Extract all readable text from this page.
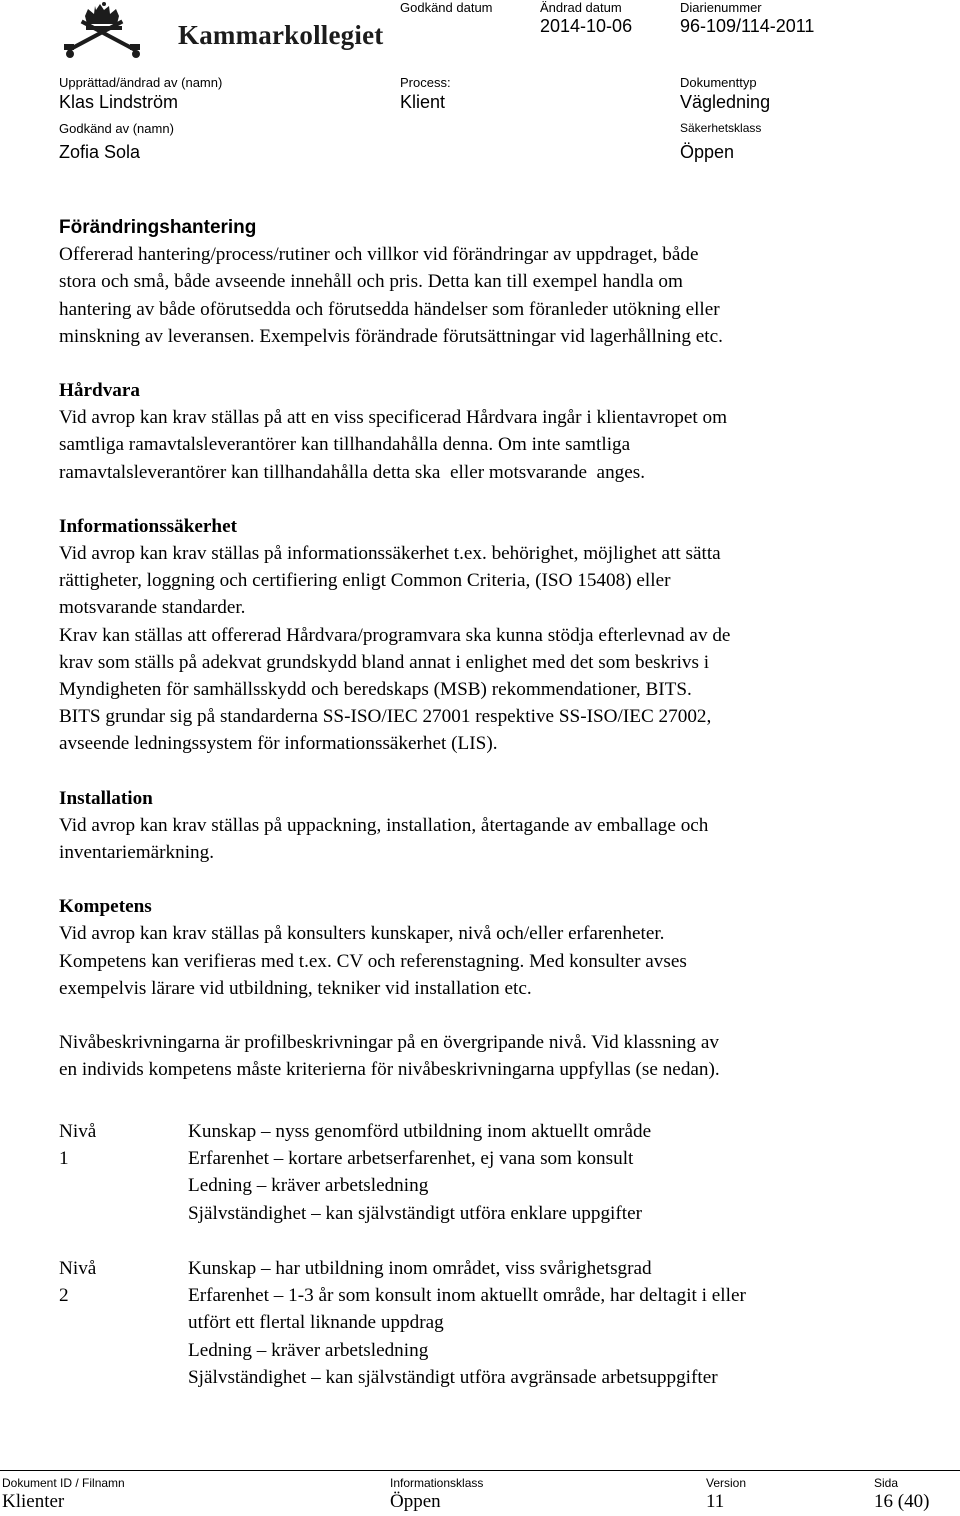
Kammarkollegiet
Godkänd datum	Ändrad datum
2014-10-06
Diarienummer
96-109/114-2011
Upprättad/ändrad av (namn)
Klas Lindström
Process:
Klient
Dokumenttyp
Vägledning
Godkänd av (namn)
Zofia Sola
Säkerhetsklass
Öppen
Förändringshantering

Offererad hantering/process/rutiner och villkor vid förändringar av uppdraget, både

stora och små, både avseende innehåll och pris. Detta kan till exempel handla om

hantering av både oförutsedda och förutsedda händelser som föranleder utökning eller

minskning av leveransen. Exempelvis förändrade förutsättningar vid lagerhållning etc.

Hårdvara

Vid avrop kan krav ställas på att en viss specificerad Hårdvara ingår i klientavropet om

samtliga ramavtalsleverantörer kan tillhandahålla denna. Om inte samtliga

ramavtalsleverantörer kan tillhandahålla detta ska  eller motsvarande  anges.

Informationssäkerhet

Vid avrop kan krav ställas på informationssäkerhet t.ex. behörighet, möjlighet att sätta

rättigheter, loggning och certifiering enligt Common Criteria, (ISO 15408) eller

motsvarande standarder.

Krav kan ställas att offererad Hårdvara/programvara ska kunna stödja efterlevnad av de

krav som ställs på adekvat grundskydd bland annat i enlighet med det som beskrivs i

Myndigheten för samhällsskydd och beredskaps (MSB) rekommendationer, BITS.

BITS grundar sig på standarderna SS-ISO/IEC 27001 respektive SS-ISO/IEC 27002,

avseende ledningssystem för informationssäkerhet (LIS).

Installation

Vid avrop kan krav ställas på uppackning, installation, återtagande av emballage och

inventariemärkning.

Kompetens

Vid avrop kan krav ställas på konsulters kunskaper, nivå och/eller erfarenheter.

Kompetens kan verifieras med t.ex. CV och referenstagning. Med konsulter avses

exempelvis lärare vid utbildning, tekniker vid installation etc.

Nivåbeskrivningarna är profilbeskrivningar på en övergripande nivå. Vid klassning av

en individs kompetens måste kriterierna för nivåbeskrivningarna uppfyllas (se nedan).

Nivå 1
Kunskap – nyss genomförd utbildning inom aktuellt område
Erfarenhet – kortare arbetserfarenhet, ej vana som konsult
Ledning – kräver arbetsledning
Självständighet – kan självständigt utföra enklare uppgifter
Nivå 2
Kunskap – har utbildning inom området, viss svårighetsgrad
Erfarenhet – 1-3 år som konsult inom aktuellt område, har deltagit i eller
utfört ett flertal liknande uppdrag
Ledning – kräver arbetsledning
Självständighet – kan självständigt utföra avgränsade arbetsuppgifter
Dokument ID / Filnamn
Klienter
Informationsklass
Öppen
Version
11
Sida
16 (40)
